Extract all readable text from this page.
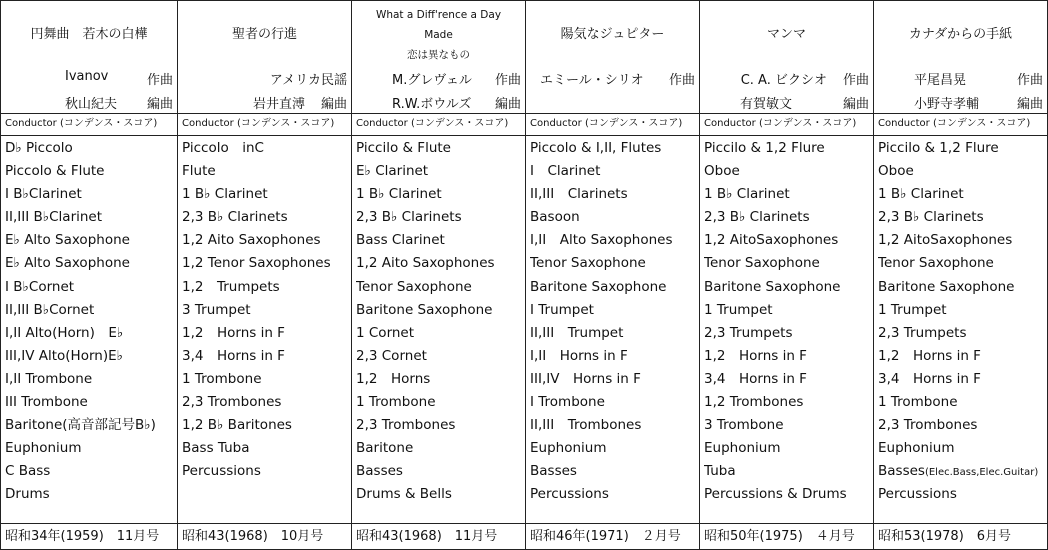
円舞曲　若木の白樺
Ivanov	作曲
秋山紀夫	編曲
Conductor (コンデンス・スコア)
D♭ Piccolo
Piccolo & Flute
Ⅰ B♭Clarinet
II,III B♭Clarinet
E♭ Alto Saxophone
E♭ Alto Saxophone
I B♭Cornet
II,III B♭Cornet
I,II Alto(Horn)　E♭
III,IV Alto(Horn)E♭
I,II Trombone
III Trombone
Baritone(高音部記号B♭)
Euphonium
C Bass
Drums
昭和34年(1959)　11月号
聖者の行進
アメリカ民謡
岩井直溥	編曲
Conductor (コンデンス・スコア)
Piccolo　inC
Flute
1 B♭ Clarinet
2,3 B♭ Clarinets
1,2 Aito Saxophones
1,2 Tenor Saxophones
1,2　Trumpets
3 Trumpet
1,2　Horns in F
3,4　Horns in F
1 Trombone
2,3 Trombones
1,2 B♭ Baritones
Bass Tuba
Percussions
昭和43(1968)　10月号
What a Diff'rence a Day
Made
恋は異なもの
M.グレヴェル	作曲
R.W.ボウルズ	編曲
Conductor (コンデンス・スコア)
Piccilo & Flute
E♭ Clarinet
1 B♭ Clarinet
2,3 B♭ Clarinets
Bass Clarinet
1,2 Aito Saxophones
Tenor Saxophone
Baritone Saxophone
1 Cornet
2,3 Cornet
1,2　Horns
1 Trombone
2,3 Trombones
Baritone
Basses
Drums & Bells
昭和43(1968)　11月号
陽気なジュピター
エミール・シリオ	作曲
Conductor (コンデンス・スコア)
Piccolo & I,II, Flutes
I　Clarinet
II,III　Clarinets
Basoon
I,II　Alto Saxophones
Tenor Saxophone
Baritone Saxophone
I Trumpet
II,III　Trumpet
I,II　Horns in F
III,IV　Horns in F
I Trombone
II,III　Trombones
Euphonium
Basses
Percussions
昭和46年(1971)　２月号
マンマ
C. A. ビクシオ	作曲
有賀敏文	編曲
Conductor (コンデンス・スコア)
Piccilo & 1,2 Flure
Oboe
1 B♭ Clarinet
2,3 B♭ Clarinets
1,2 AitoSaxophones
Tenor Saxophone
Baritone Saxophone
1 Trumpet
2,3 Trumpets
1,2　Horns in F
3,4　Horns in F
1,2 Trombones
3 Trombone
Euphonium
Tuba
Percussions & Drums
昭和50年(1975)　４月号
カナダからの手紙
平尾昌晃	作曲
小野寺孝輔	編曲
Conductor (コンデンス・スコア)
Piccilo & 1,2 Flure
Oboe
1 B♭ Clarinet
2,3 B♭ Clarinets
1,2 AitoSaxophones
Tenor Saxophone
Baritone Saxophone
1 Trumpet
2,3 Trumpets
1,2　Horns in F
3,4　Horns in F
1 Trombone
2,3 Trombones
Euphonium
Basses(Elec.Bass,Elec.Guitar)
Percussions
昭和53(1978)　6月号
